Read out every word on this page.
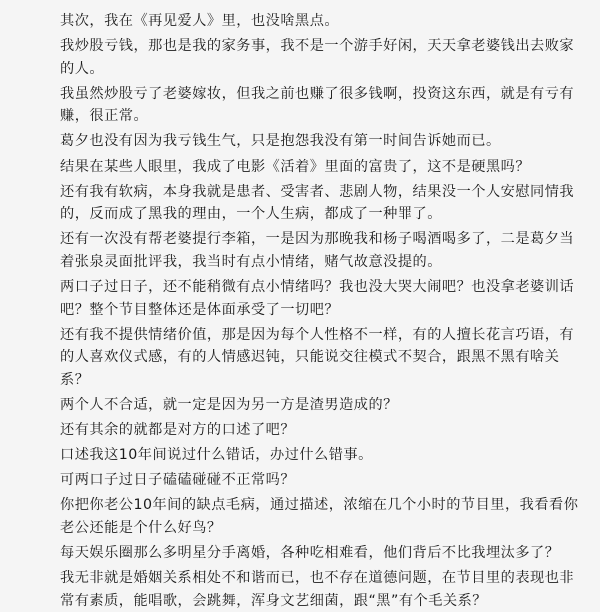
其次，我在《再见爱人》里，也没啥黑点。

我炒股亏钱，那也是我的家务事，我不是一个游手好闲，天天拿老婆钱出去败家的人。

我虽然炒股亏了老婆嫁妆，但我之前也赚了很多钱啊，投资这东西，就是有亏有赚，很正常。

葛夕也没有因为我亏钱生气，只是抱怨我没有第一时间告诉她而已。

结果在某些人眼里，我成了电影《活着》里面的富贵了，这不是硬黑吗？

还有我有软病，本身我就是患者、受害者、悲剧人物，结果没一个人安慰同情我的，反而成了黑我的理由，一个人生病，都成了一种罪了。

还有一次没有帮老婆提行李箱，一是因为那晚我和杨子喝酒喝多了，二是葛夕当着张泉灵面批评我，我当时有点小情绪，赌气故意没提的。

两口子过日子，还不能稍微有点小情绪吗？我也没大哭大闹吧？也没拿老婆训话吧？整个节目整体还是体面承受了一切吧？

还有我不提供情绪价值，那是因为每个人性格不一样，有的人擅长花言巧语，有的人喜欢仪式感，有的人情感迟钝，只能说交往模式不契合，跟黑不黑有啥关系？

两个人不合适，就一定是因为另一方是渣男造成的？

还有其余的就都是对方的口述了吧？

口述我这10年间说过什么错话，办过什么错事。

可两口子过日子磕磕碰碰不正常吗？

你把你老公10年间的缺点毛病，通过描述，浓缩在几个小时的节目里，我看看你老公还能是个什么好鸟？

每天娱乐圈那么多明星分手离婚，各种吃相难看，他们背后不比我埋汰多了？

我无非就是婚姻关系相处不和谐而已，也不存在道德问题，在节目里的表现也非常有素质，能唱歌，会跳舞，浑身文艺细菌，跟“黑”有个毛关系？
